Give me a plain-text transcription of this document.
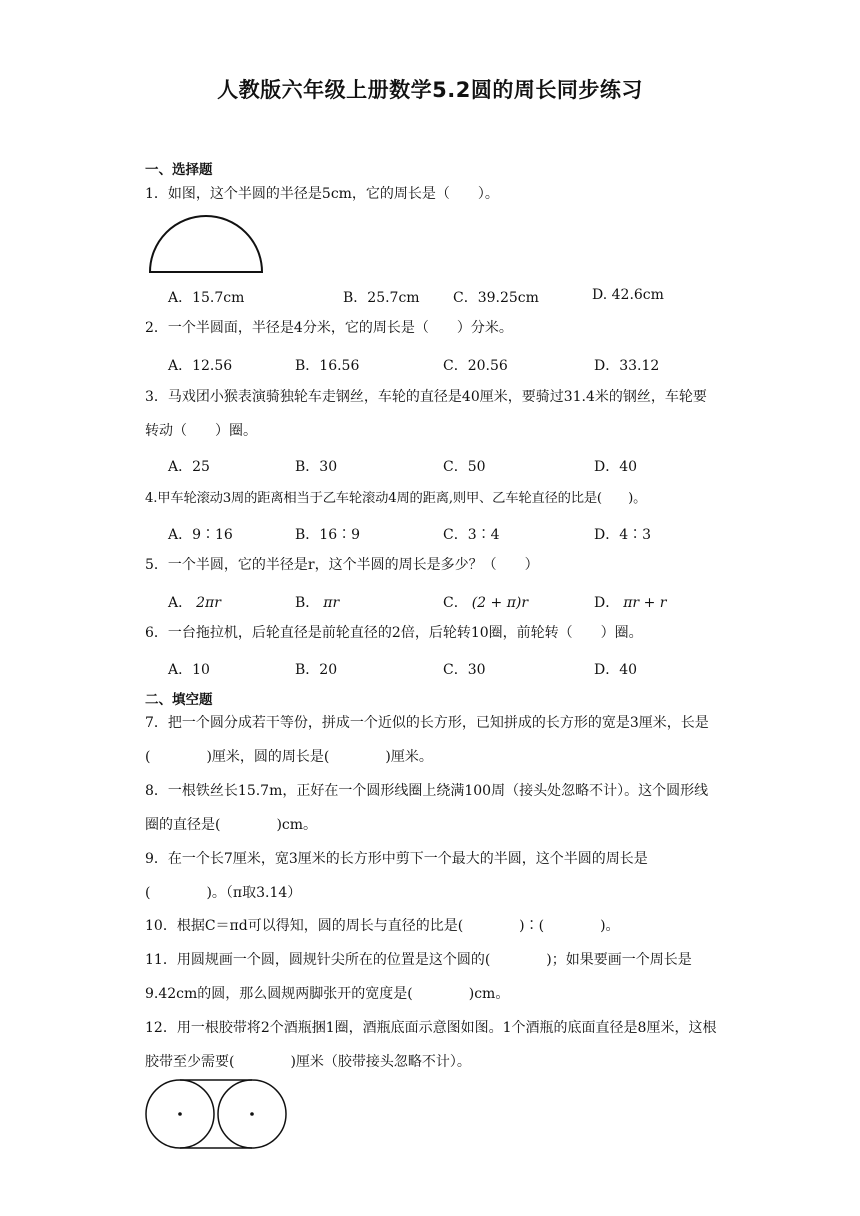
人教版六年级上册数学5.2圆的周长同步练习
一、选择题
1．如图，这个半圆的半径是5cm，它的周长是（　　）。
A．15.7cm	B．25.7cm C．39.25cm	D. 42.6cm
2．一个半圆面，半径是4分米，它的周长是（　　）分米。
A．12.56	B．16.56	C．20.56	D．33.12
3．马戏团小猴表演骑独轮车走钢丝，车轮的直径是40厘米，要骑过31.4米的钢丝，车轮要转动（　　）圈。
A．25	B．30	C．50	D．40
4.甲车轮滚动3周的距离相当于乙车轮滚动4周的距离,则甲、乙车轮直径的比是(　　)。
A．9∶16	B．16∶9	C．3∶4	D．4∶3
5．一个半圆，它的半径是r，这个半圆的周长是多少？（　　）
A． 2πr	B． πr	C． (2 + π)r	D． πr + r
6．一台拖拉机，后轮直径是前轮直径的2倍，后轮转10圈，前轮转（　　）圈。
A．10	B．20	C．30	D．40
二、填空题
7．把一个圆分成若干等份，拼成一个近似的长方形，已知拼成的长方形的宽是3厘米，长是(　　　　)厘米，圆的周长是(　　　　)厘米。
8．一根铁丝长15.7m，正好在一个圆形线圈上绕满100周（接头处忽略不计）。这个圆形线圈的直径是(　　　　)cm。
9．在一个长7厘米，宽3厘米的长方形中剪下一个最大的半圆，这个半圆的周长是(　　　　)。（π取3.14）
10．根据C＝πd可以得知，圆的周长与直径的比是(　　　　)∶(　　　　)。
11．用圆规画一个圆，圆规针尖所在的位置是这个圆的(　　　　)；如果要画一个周长是9.42cm的圆，那么圆规两脚张开的宽度是(　　　　)cm。
12．用一根胶带将2个酒瓶捆1圈，酒瓶底面示意图如图。1个酒瓶的底面直径是8厘米，这根胶带至少需要(　　　　)厘米（胶带接头忽略不计）。
